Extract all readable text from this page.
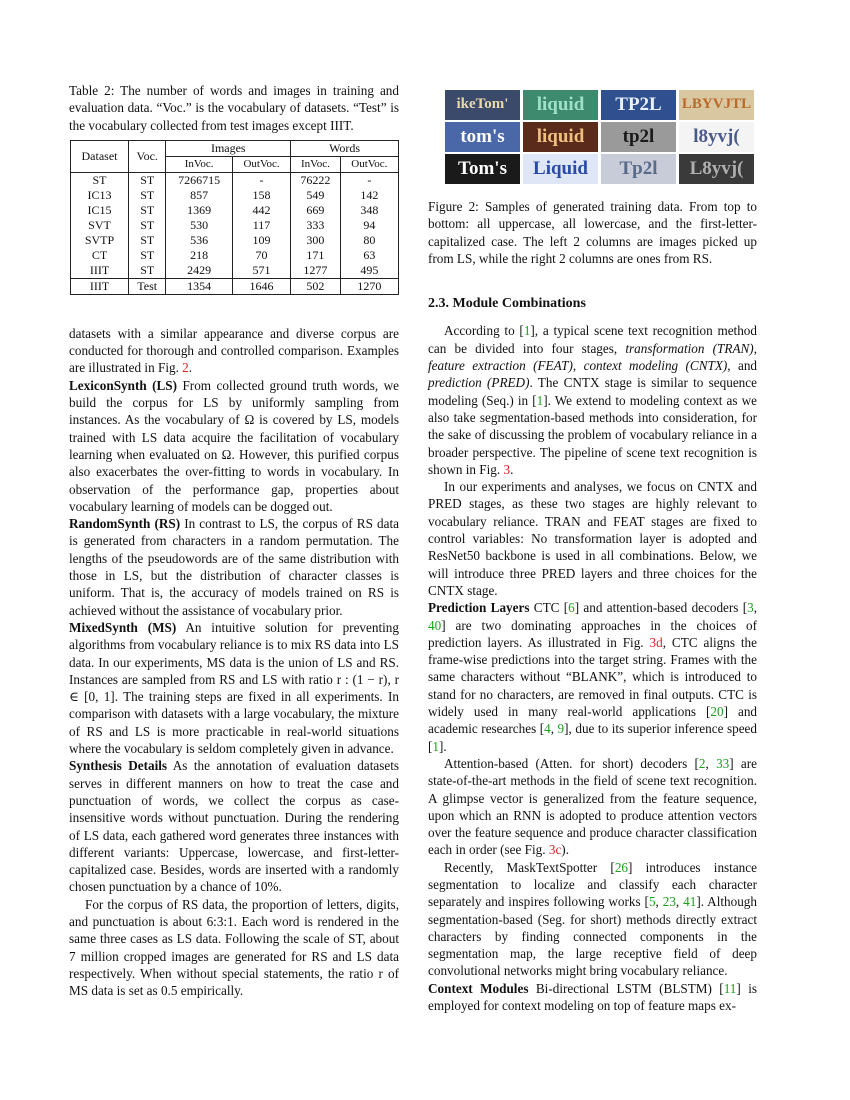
Table 2: The number of words and images in training and evaluation data. “Voc.” is the vocabulary of datasets. “Test” is the vocabulary collected from test images except IIIT.

Dataset	Voc.	Images		Words	
		InVoc.	OutVoc.	InVoc.	OutVoc.
ST	ST	7266715	-	76222	-
IC13	ST	857	158	549	142
IC15	ST	1369	442	669	348
SVT	ST	530	117	333	94
SVTP	ST	536	109	300	80
CT	ST	218	70	171	63
IIIT	ST	2429	571	1277	495
IIIT	Test	1354	1646	502	1270

datasets with a similar appearance and diverse corpus are conducted for thorough and controlled comparison. Examples are illustrated in Fig. 2.

LexiconSynth (LS) From collected ground truth words, we build the corpus for LS by uniformly sampling from instances. As the vocabulary of Ω is covered by LS, models trained with LS data acquire the facilitation of vocabulary learning when evaluated on Ω. However, this purified corpus also exacerbates the over-fitting to words in vocabulary. In observation of the performance gap, properties about vocabulary learning of models can be dogged out.

RandomSynth (RS) In contrast to LS, the corpus of RS data is generated from characters in a random permutation. The lengths of the pseudowords are of the same distribution with those in LS, but the distribution of character classes is uniform. That is, the accuracy of models trained on RS is achieved without the assistance of vocabulary prior.

MixedSynth (MS) An intuitive solution for preventing algorithms from vocabulary reliance is to mix RS data into LS data. In our experiments, MS data is the union of LS and RS. Instances are sampled from RS and LS with ratio r : (1 − r), r ∈ [0, 1]. The training steps are fixed in all experiments. In comparison with datasets with a large vocabulary, the mixture of RS and LS is more practicable in real-world situations where the vocabulary is seldom completely given in advance.

Synthesis Details As the annotation of evaluation datasets serves in different manners on how to treat the case and punctuation of words, we collect the corpus as case-insensitive words without punctuation. During the rendering of LS data, each gathered word generates three instances with different variants: Uppercase, lowercase, and first-letter-capitalized case. Besides, words are inserted with a randomly chosen punctuation by a chance of 10%.

For the corpus of RS data, the proportion of letters, digits, and punctuation is about 6:3:1. Each word is rendered in the same three cases as LS data. Following the scale of ST, about 7 million cropped images are generated for RS and LS data respectively. When without special statements, the ratio r of MS data is set as 0.5 empirically.

ikeTom'	liquid	TP2L	LBYVJTL
tom's	liquid	tp2l	l8yvj(
Tom's	Liquid	Tp2l	L8yvj(

Figure 2: Samples of generated training data. From top to bottom: all uppercase, all lowercase, and the first-letter-capitalized case. The left 2 columns are images picked up from LS, while the right 2 columns are ones from RS.

2.3. Module Combinations

According to [1], a typical scene text recognition method can be divided into four stages, transformation (TRAN), feature extraction (FEAT), context modeling (CNTX), and prediction (PRED). The CNTX stage is similar to sequence modeling (Seq.) in [1]. We extend to modeling context as we also take segmentation-based methods into consideration, for the sake of discussing the problem of vocabulary reliance in a broader perspective. The pipeline of scene text recognition is shown in Fig. 3.

In our experiments and analyses, we focus on CNTX and PRED stages, as these two stages are highly relevant to vocabulary reliance. TRAN and FEAT stages are fixed to control variables: No transformation layer is adopted and ResNet50 backbone is used in all combinations. Below, we will introduce three PRED layers and three choices for the CNTX stage.

Prediction Layers CTC [6] and attention-based decoders [3, 40] are two dominating approaches in the choices of prediction layers. As illustrated in Fig. 3d, CTC aligns the frame-wise predictions into the target string. Frames with the same characters without “BLANK”, which is introduced to stand for no characters, are removed in final outputs. CTC is widely used in many real-world applications [20] and academic researches [4, 9], due to its superior inference speed [1].

Attention-based (Atten. for short) decoders [2, 33] are state-of-the-art methods in the field of scene text recognition. A glimpse vector is generalized from the feature sequence, upon which an RNN is adopted to produce attention vectors over the feature sequence and produce character classification each in order (see Fig. 3c).

Recently, MaskTextSpotter [26] introduces instance segmentation to localize and classify each character separately and inspires following works [5, 23, 41]. Although segmentation-based (Seg. for short) methods directly extract characters by finding connected components in the segmentation map, the large receptive field of deep convolutional networks might bring vocabulary reliance.

Context Modules Bi-directional LSTM (BLSTM) [11] is employed for context modeling on top of feature maps ex-
